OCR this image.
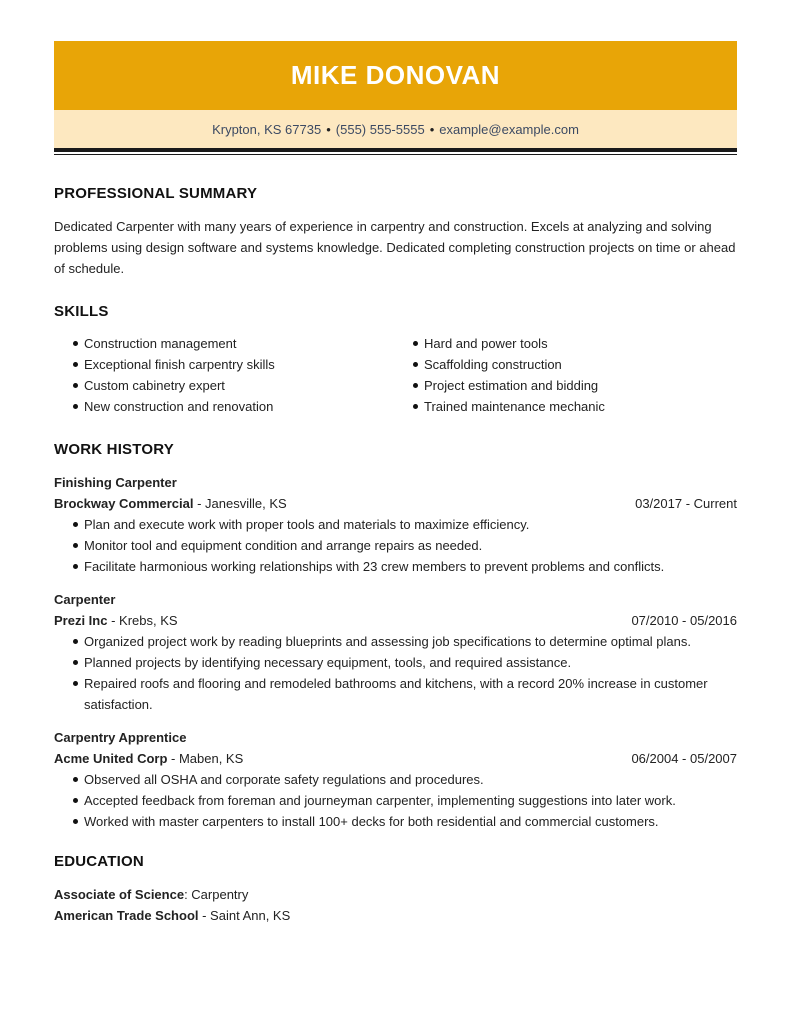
MIKE DONOVAN
Krypton, KS 67735 • (555) 555-5555 • example@example.com
PROFESSIONAL SUMMARY
Dedicated Carpenter with many years of experience in carpentry and construction. Excels at analyzing and solving problems using design software and systems knowledge. Dedicated completing construction projects on time or ahead of schedule.
SKILLS
Construction management
Exceptional finish carpentry skills
Custom cabinetry expert
New construction and renovation
Hard and power tools
Scaffolding construction
Project estimation and bidding
Trained maintenance mechanic
WORK HISTORY
Finishing Carpenter
Brockway Commercial - Janesville, KS	03/2017 - Current
Plan and execute work with proper tools and materials to maximize efficiency.
Monitor tool and equipment condition and arrange repairs as needed.
Facilitate harmonious working relationships with 23 crew members to prevent problems and conflicts.
Carpenter
Prezi Inc - Krebs, KS	07/2010 - 05/2016
Organized project work by reading blueprints and assessing job specifications to determine optimal plans.
Planned projects by identifying necessary equipment, tools, and required assistance.
Repaired roofs and flooring and remodeled bathrooms and kitchens, with a record 20% increase in customer satisfaction.
Carpentry Apprentice
Acme United Corp - Maben, KS	06/2004 - 05/2007
Observed all OSHA and corporate safety regulations and procedures.
Accepted feedback from foreman and journeyman carpenter, implementing suggestions into later work.
Worked with master carpenters to install 100+ decks for both residential and commercial customers.
EDUCATION
Associate of Science: Carpentry
American Trade School - Saint Ann, KS
